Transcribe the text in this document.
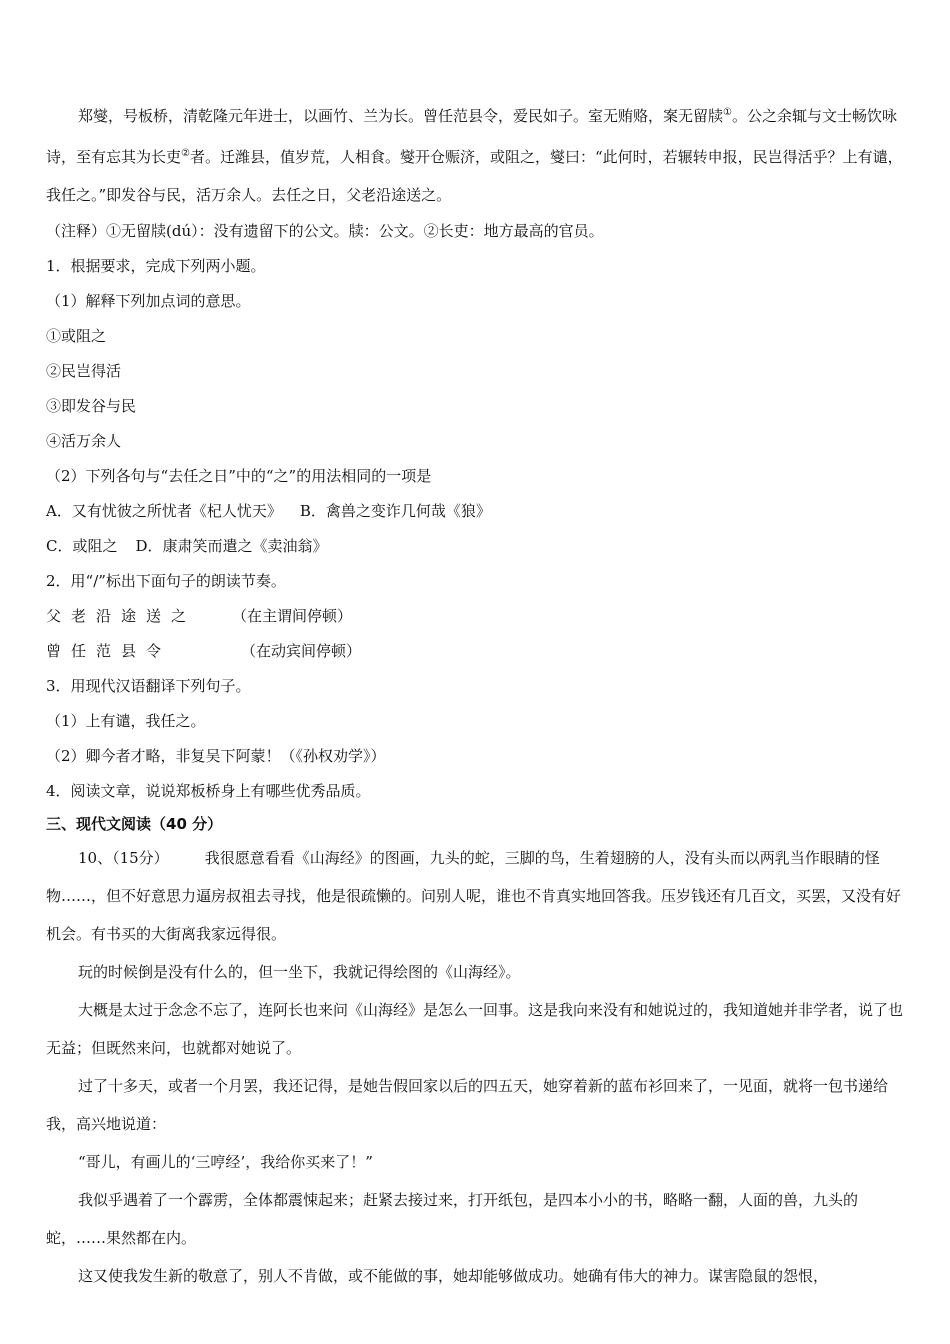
郑燮，号板桥，清乾隆元年进士，以画竹、兰为长。曾任范县令，爱民如子。室无贿赂，案无留牍①。公之余辄与文士畅饮咏诗，至有忘其为长吏②者。迁潍县，值岁荒，人相食。燮开仓赈济，或阻之，燮曰：“此何时，若辗转申报，民岂得活乎？上有谴，我任之。”即发谷与民，活万余人。去任之日，父老沿途送之。

（注释）①无留牍(dú）：没有遗留下的公文。牍：公文。②长吏：地方最高的官员。

1．根据要求，完成下列两小题。

（1）解释下列加点词的意思。

①或阻之

②民岂得活

③即发谷与民

④活万余人

（2）下列各句与“去任之日”中的“之”的用法相同的一项是

A．又有忧彼之所忧者《杞人忧天》 B．禽兽之变诈几何哉《狼》

C．或阻之 D．康肃笑而遣之《卖油翁》

2．用“/”标出下面句子的朗读节奏。

父老沿途送之 （在主谓间停顿）

曾任范县令	（在动宾间停顿）

3．用现代汉语翻译下列句子。

（1）上有谴，我任之。

（2）卿今者才略，非复吴下阿蒙！（《孙权劝学》）

4．阅读文章，说说郑板桥身上有哪些优秀品质。

三、现代文阅读（40 分）

10、（15分） 我很愿意看看《山海经》的图画，九头的蛇，三脚的鸟，生着翅膀的人，没有头而以两乳当作眼睛的怪物……，但不好意思力逼房叔祖去寻找，他是很疏懒的。问别人呢，谁也不肯真实地回答我。压岁钱还有几百文，买罢，又没有好机会。有书买的大街离我家远得很。

玩的时候倒是没有什么的，但一坐下，我就记得绘图的《山海经》。

大概是太过于念念不忘了，连阿长也来问《山海经》是怎么一回事。这是我向来没有和她说过的，我知道她并非学者，说了也无益；但既然来问，也就都对她说了。

过了十多天，或者一个月罢，我还记得，是她告假回家以后的四五天，她穿着新的蓝布衫回来了，一见面，就将一包书递给我，高兴地说道：

“哥儿，有画儿的‘三哼经’，我给你买来了！”

我似乎遇着了一个霹雳，全体都震悚起来；赶紧去接过来，打开纸包，是四本小小的书，略略一翻，人面的兽，九头的蛇，……果然都在内。

这又使我发生新的敬意了，别人不肯做，或不能做的事，她却能够做成功。她确有伟大的神力。谋害隐鼠的怨恨，
